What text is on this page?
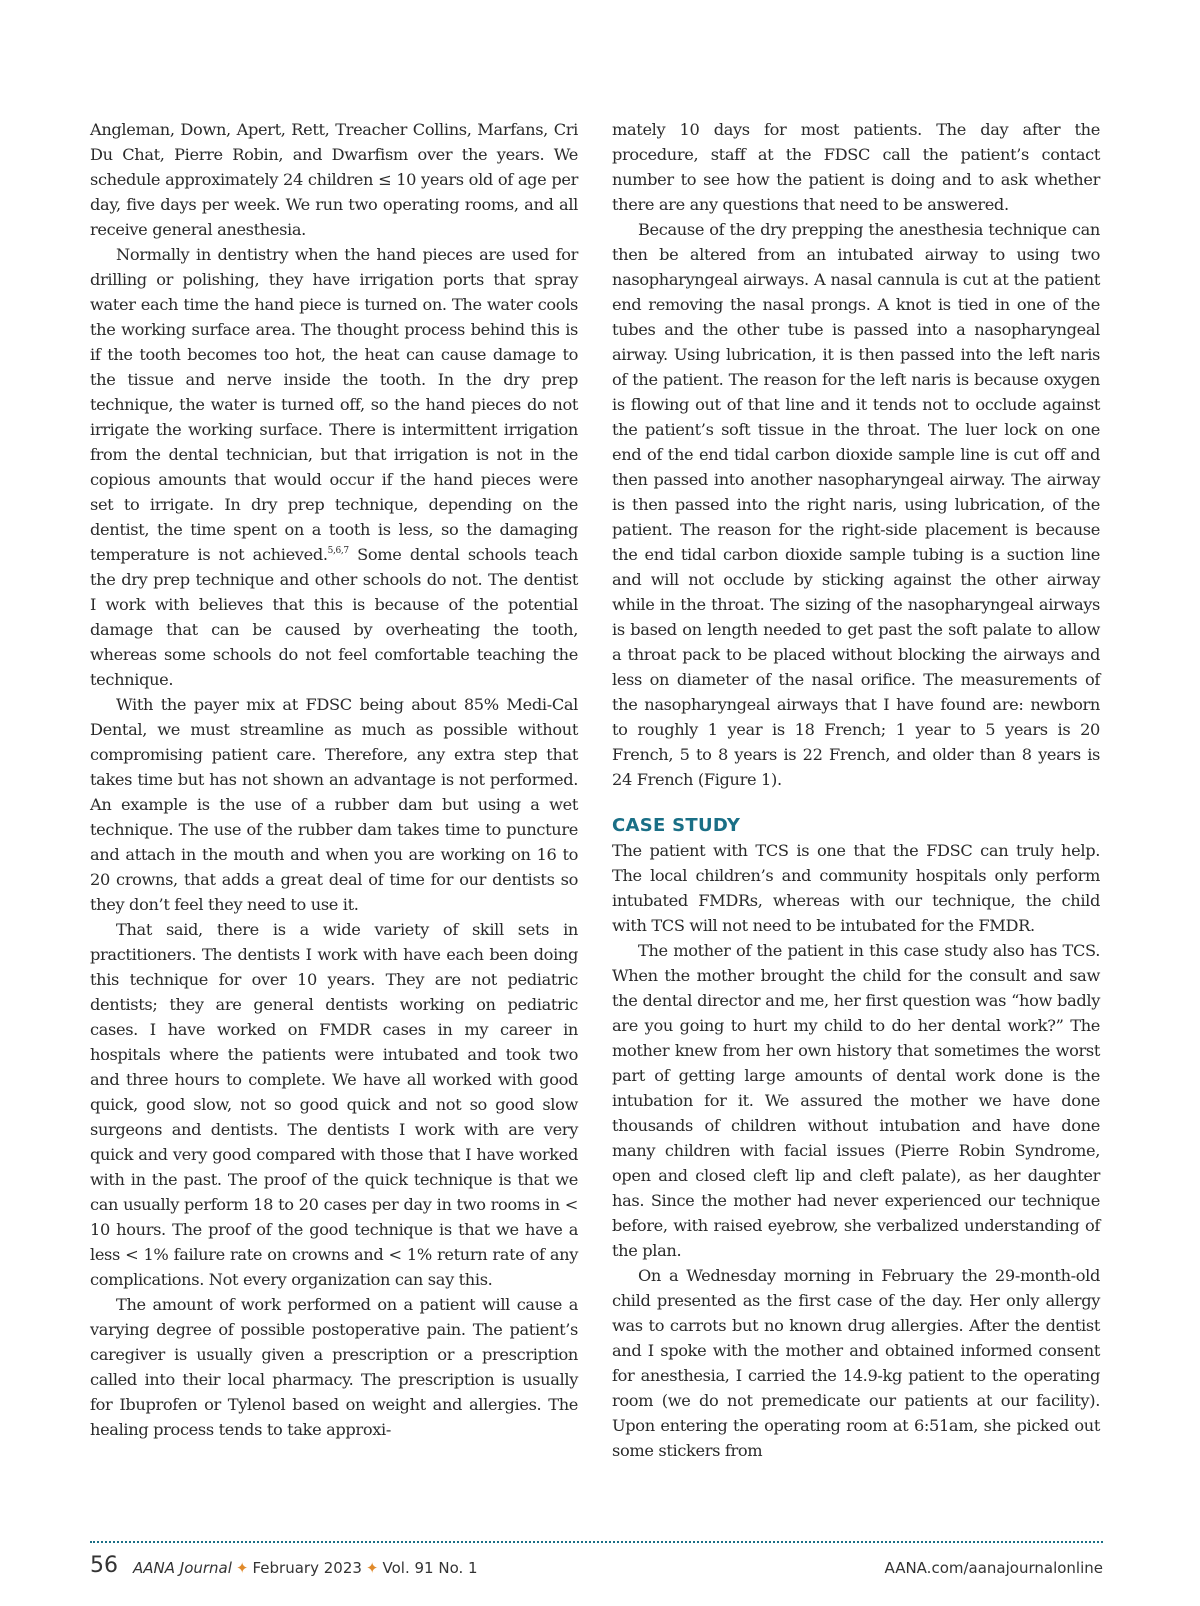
Angleman, Down, Apert, Rett, Treacher Collins, Marfans, Cri Du Chat, Pierre Robin, and Dwarfism over the years. We schedule approximately 24 children ≤ 10 years old of age per day, five days per week. We run two operating rooms, and all receive general anesthesia.

Normally in dentistry when the hand pieces are used for drilling or polishing, they have irrigation ports that spray water each time the hand piece is turned on. The water cools the working surface area. The thought process behind this is if the tooth becomes too hot, the heat can cause damage to the tissue and nerve inside the tooth. In the dry prep technique, the water is turned off, so the hand pieces do not irrigate the working surface. There is intermittent irrigation from the dental technician, but that irrigation is not in the copious amounts that would occur if the hand pieces were set to irrigate. In dry prep technique, depending on the dentist, the time spent on a tooth is less, so the damaging temperature is not achieved.$^{5,6,7}$ Some dental schools teach the dry prep technique and other schools do not. The dentist I work with believes that this is because of the potential damage that can be caused by overheating the tooth, whereas some schools do not feel comfortable teaching the technique.

With the payer mix at FDSC being about 85% Medi-Cal Dental, we must streamline as much as possible without compromising patient care. Therefore, any extra step that takes time but has not shown an advantage is not performed. An example is the use of a rubber dam but using a wet technique. The use of the rubber dam takes time to puncture and attach in the mouth and when you are working on 16 to 20 crowns, that adds a great deal of time for our dentists so they don’t feel they need to use it.

That said, there is a wide variety of skill sets in practitioners. The dentists I work with have each been doing this technique for over 10 years. They are not pediatric dentists; they are general dentists working on pediatric cases. I have worked on FMDR cases in my career in hospitals where the patients were intubated and took two and three hours to complete. We have all worked with good quick, good slow, not so good quick and not so good slow surgeons and dentists. The dentists I work with are very quick and very good compared with those that I have worked with in the past. The proof of the quick technique is that we can usually perform 18 to 20 cases per day in two rooms in < 10 hours. The proof of the good technique is that we have a less < 1% failure rate on crowns and < 1% return rate of any complications. Not every organization can say this.

The amount of work performed on a patient will cause a varying degree of possible postoperative pain. The patient’s caregiver is usually given a prescription or a prescription called into their local pharmacy. The prescription is usually for Ibuprofen or Tylenol based on weight and allergies. The healing process tends to take approxi-

mately 10 days for most patients. The day after the procedure, staff at the FDSC call the patient’s contact number to see how the patient is doing and to ask whether there are any questions that need to be answered.

Because of the dry prepping the anesthesia technique can then be altered from an intubated airway to using two nasopharyngeal airways. A nasal cannula is cut at the patient end removing the nasal prongs. A knot is tied in one of the tubes and the other tube is passed into a nasopharyngeal airway. Using lubrication, it is then passed into the left naris of the patient. The reason for the left naris is because oxygen is flowing out of that line and it tends not to occlude against the patient’s soft tissue in the throat. The luer lock on one end of the end tidal carbon dioxide sample line is cut off and then passed into another nasopharyngeal airway. The airway is then passed into the right naris, using lubrication, of the patient. The reason for the right-side placement is because the end tidal carbon dioxide sample tubing is a suction line and will not occlude by sticking against the other airway while in the throat. The sizing of the nasopharyngeal airways is based on length needed to get past the soft palate to allow a throat pack to be placed without blocking the airways and less on diameter of the nasal orifice. The measurements of the nasopharyngeal airways that I have found are: newborn to roughly 1 year is 18 French; 1 year to 5 years is 20 French, 5 to 8 years is 22 French, and older than 8 years is 24 French (Figure 1).

CASE STUDY

The patient with TCS is one that the FDSC can truly help. The local children’s and community hospitals only perform intubated FMDRs, whereas with our technique, the child with TCS will not need to be intubated for the FMDR.

The mother of the patient in this case study also has TCS. When the mother brought the child for the consult and saw the dental director and me, her first question was “how badly are you going to hurt my child to do her dental work?” The mother knew from her own history that sometimes the worst part of getting large amounts of dental work done is the intubation for it. We assured the mother we have done thousands of children without intubation and have done many children with facial issues (Pierre Robin Syndrome, open and closed cleft lip and cleft palate), as her daughter has. Since the mother had never experienced our technique before, with raised eyebrow, she verbalized understanding of the plan.

On a Wednesday morning in February the 29-month-old child presented as the first case of the day. Her only allergy was to carrots but no known drug allergies. After the dentist and I spoke with the mother and obtained informed consent for anesthesia, I carried the 14.9-kg patient to the operating room (we do not premedicate our patients at our facility). Upon entering the operating room at 6:51am, she picked out some stickers from

56 AANA Journal ✦ February 2023 ✦ Vol. 91 No. 1	AANA.com/aanajournalonline
